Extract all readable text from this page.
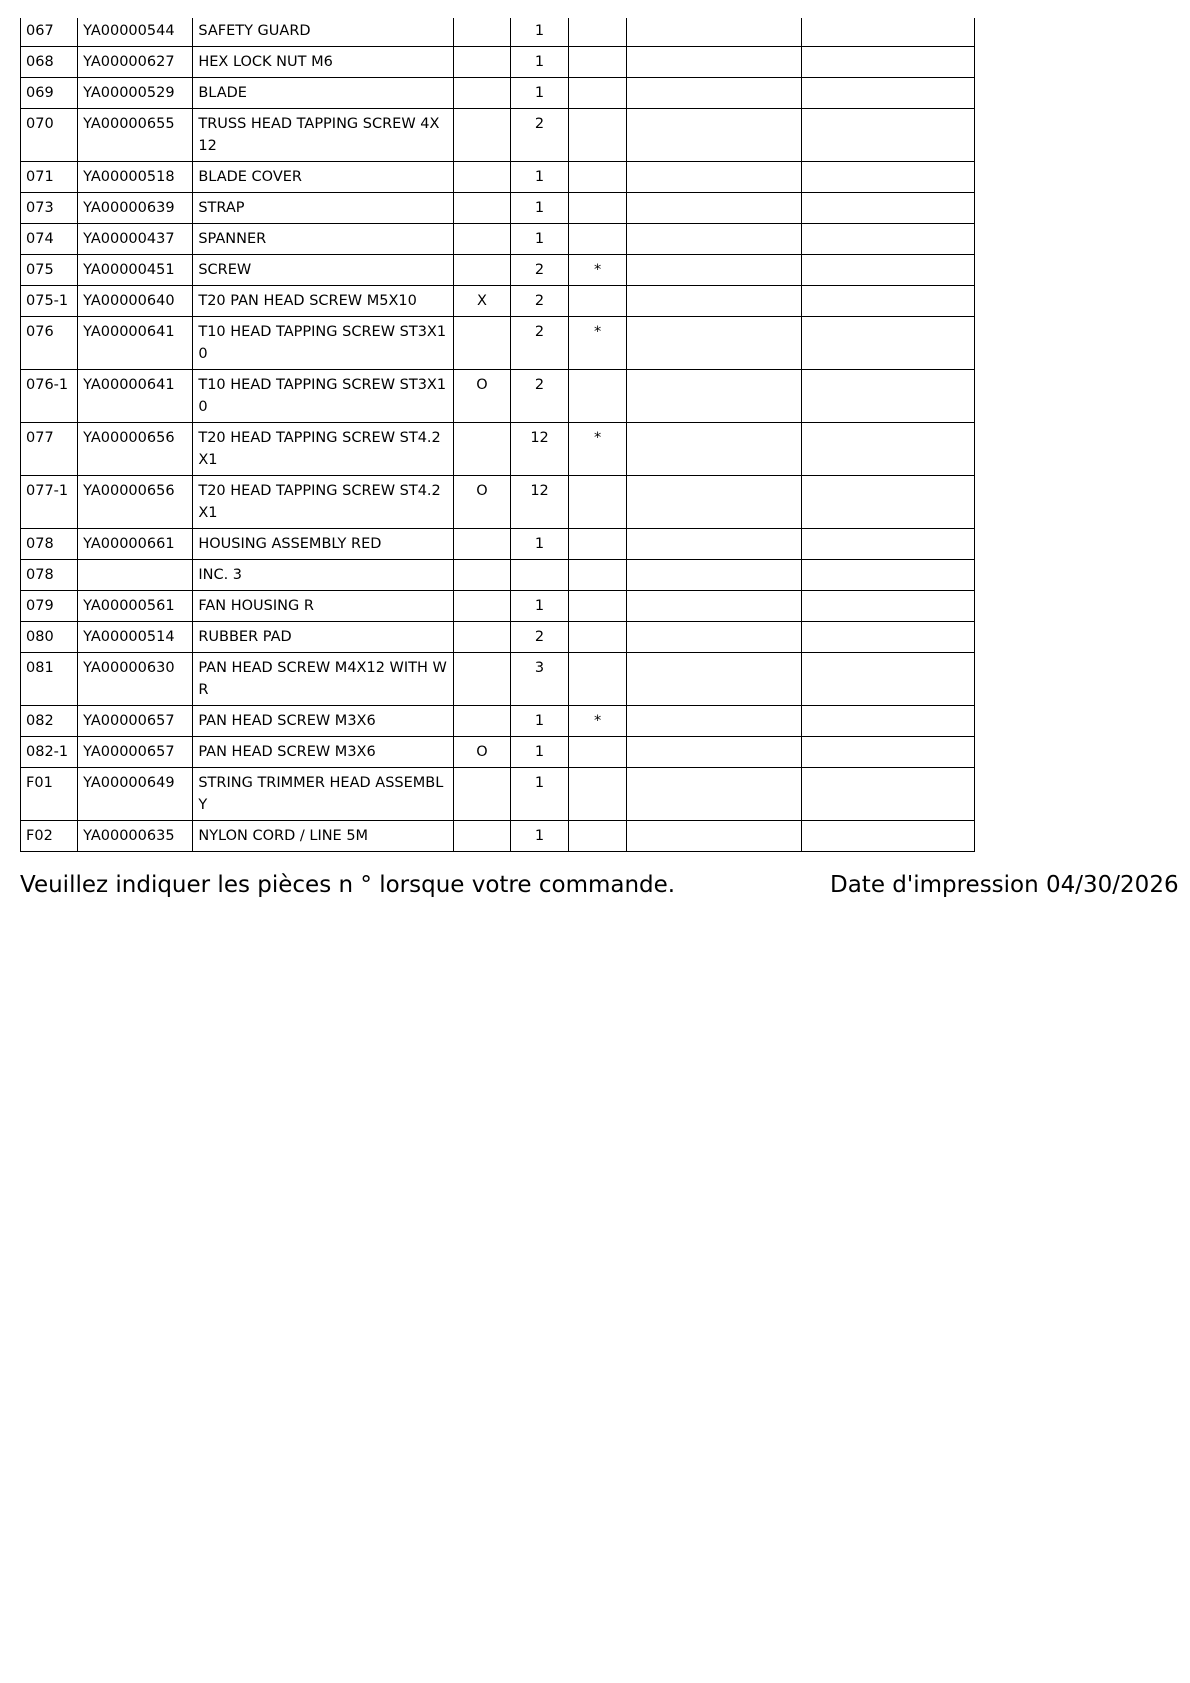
067	YA00000544	SAFETY GUARD		1			
068	YA00000627	HEX LOCK NUT M6		1			
069	YA00000529	BLADE		1			
070	YA00000655	TRUSS HEAD TAPPING SCREW 4X12		2			
071	YA00000518	BLADE COVER		1			
073	YA00000639	STRAP		1			
074	YA00000437	SPANNER		1			
075	YA00000451	SCREW		2	*		
075-1	YA00000640	T20 PAN HEAD SCREW M5X10	X	2			
076	YA00000641	T10 HEAD TAPPING SCREW ST3X10		2	*		
076-1	YA00000641	T10 HEAD TAPPING SCREW ST3X10	O	2			
077	YA00000656	T20 HEAD TAPPING SCREW ST4.2X1		12	*		
077-1	YA00000656	T20 HEAD TAPPING SCREW ST4.2X1	O	12			
078	YA00000661	HOUSING ASSEMBLY RED		1			
078		INC. 3					
079	YA00000561	FAN HOUSING R		1			
080	YA00000514	RUBBER PAD		2			
081	YA00000630	PAN HEAD SCREW M4X12 WITH WR		3			
082	YA00000657	PAN HEAD SCREW M3X6		1	*		
082-1	YA00000657	PAN HEAD SCREW M3X6	O	1			
F01	YA00000649	STRING TRIMMER HEAD ASSEMBLY		1			
F02	YA00000635	NYLON CORD / LINE 5M		1			
Veuillez indiquer les pièces n ° lorsque votre commande.	Date d'impression 04/30/2026
